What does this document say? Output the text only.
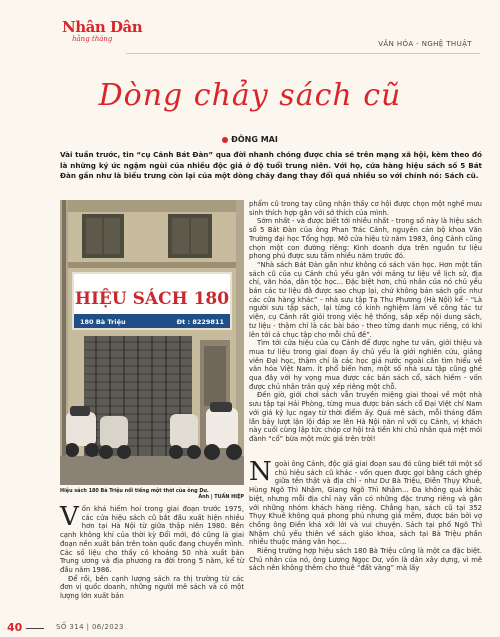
Nhân Dân
hằng tháng
VĂN HÓA - NGHỆ THUẬT
Dòng chảy sách cũ
ĐÔNG MAI
Vài tuần trước, tin “cụ Cảnh Bát Đàn” qua đời nhanh chóng được chia sẻ trên mạng xã hội, kèm theo đó là những ký ức ngậm ngùi của nhiều độc giả ở độ tuổi trung niên. Với họ, cửa hàng hiệu sách số 5 Bát Đàn gần như là biểu trưng còn lại của một dòng chảy đang thay đổi quá nhiều so với chính nó: Sách cũ.
HIỆU SÁCH 180
180 Bà Triệu	Đt : 8229811
Hiệu sách 180 Bà Triệu nổi tiếng một thời của ông Dư.
Ảnh | TUẤN HIỆP

phẩm cũ trong tay cũng nhận thấy cơ hội được chọn một nghề mưu sinh thích hợp gắn với sở thích của mình.

Sớm nhất - và được biết tới nhiều nhất - trong số này là hiệu sách số 5 Bát Đàn của ông Phan Trác Cảnh, nguyên cán bộ khoa Văn Trường đại học Tổng hợp. Mở cửa hiệu từ năm 1983, ông Cảnh cũng chọn một con đường riêng: Kinh doanh dựa trên nguồn tư liệu phong phú được sưu tầm nhiều năm trước đó.

“Nhà sách Bát Đàn gần như không có sách văn học. Hơn một tấn sách cũ của cụ Cảnh chủ yếu gắn với mảng tư liệu về lịch sử, địa chí, văn hóa, dân tộc học... Đặc biệt hơn, chủ nhân của nó chủ yếu bán các tư liệu đã được sao chụp lại, chứ không bán sách gốc như các cửa hàng khác” - nhà sưu tập Tạ Thu Phương (Hà Nội) kể - “Là người sưu tập sách, lại từng có kinh nghiệm làm về công tác tư viện, cụ Cảnh rất giỏi trong việc hệ thống, sắp xếp nội dung sách, tư liệu - thậm chí là các bài báo - theo từng danh mục riêng, có khi lên tới cả chục tập cho mỗi chủ đề”.

Tìm tới cửa hiệu của cụ Cảnh để được nghe tư vấn, giới thiệu và mua tư liệu trong giai đoạn ấy chủ yếu là giới nghiên cứu, giảng viên Đại học, thậm chí là các học giả nước ngoài cần tìm hiểu về văn hóa Việt Nam. Ít phổ biến hơn, một số nhà sưu tập cũng ghé qua đây với hy vọng mua được các bản sách cổ, sách hiếm - vốn được chủ nhân trân quý xếp riêng một chỗ.

Đến giờ, giới chơi sách vẫn truyền miệng giai thoại về một nhà sưu tập tại Hải Phòng, từng mua được bản sách cổ Đại Việt chí Nam với giá kỷ lục ngay từ thời điểm ấy. Quá mê sách, mỗi tháng đầm lần bảy lượt lặn lội đáp xe lên Hà Nội năn nỉ với cụ Cảnh, vị khách này cuối cùng lập tức chóp cơ hội trả tiền khi chủ nhân quá mệt mỏi đành “cố” bừa một mức giá trên trời!

Ngoài ông Cảnh, độc giả giai đoạn sau đó cũng biết tới một số chủ hiệu sách cũ khác - vốn quen được gọi bằng cách ghép giữa tên thật và địa chỉ - như Dư Bà Triệu, Điền Thụy Khuê, Hùng Ngõ Thì Nhậm, Giang Ngõ Thì Nhậm... Đa không quá khác biệt, nhưng mỗi địa chỉ này vẫn có những đặc trưng riêng và gắn với những nhóm khách hàng riêng. Chẳng hạn, sách cũ tại 352 Thụy Khuê không quá phong phú nhưng giá mềm, được bán bởi vợ chồng ông Điền khá xởi lởi và vui chuyện. Sách tại phố Ngõ Thì Nhậm chủ yếu thiên về sách giáo khoa, sách tại Bà Triệu phần nhiều thuộc mảng văn học...

Riêng trường hợp hiệu sách 180 Bà Triệu cũng là một ca đặc biệt. Chủ nhân của nó, ông Lương Ngọc Dư, vốn là dân xây dựng, vì mê sách nên không thêm cho thuê “đất vàng” mà lấy

Vốn khá hiếm hoi trong giai đoạn trước 1975, các cửa hiệu sách cũ bắt đầu xuất hiện nhiều hơn tại Hà Nội từ giữa thập niên 1980. Bên cạnh không khí của thời kỳ Đổi mới, đó cũng là giai đoạn nền xuất bản trên toàn quốc đang chuyển mình. Các số liệu cho thấy có khoảng 50 nhà xuất bản Trung ương và địa phương ra đời trong 5 năm, kể từ đầu năm 1986.

Để rồi, bên cạnh lượng sách ra thị trường từ các đơn vị quốc doanh, những người mê sách và có một lượng lớn xuất bản

40	SỐ 314 | 06/2023
